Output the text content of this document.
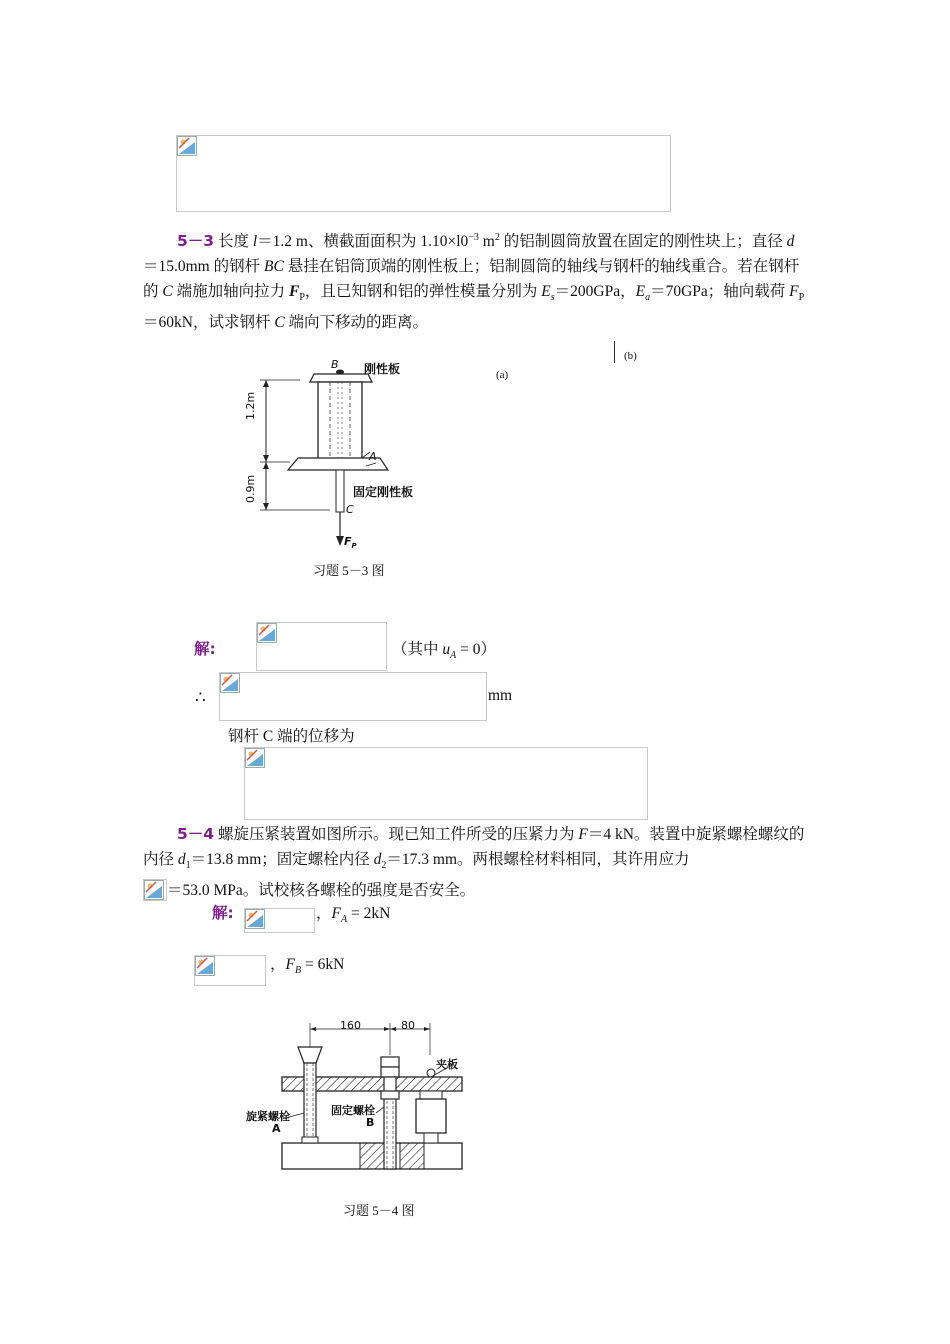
5－3 长度 l＝1.2 m、横截面面积为 $1.10\times l0^{-3}$ $m^2$ 的铝制圆筒放置在固定的刚性块上；直径 d＝15.0mm 的钢杆 BC 悬挂在铝筒顶端的刚性板上；铝制圆筒的轴线与钢杆的轴线重合。若在钢杆的 C 端施加轴向拉力 $F_P$，且已知钢和铝的弹性模量分别为 $E_s=200GPa$，$E_a=70GPa$；轴向载荷 $F_P=60kN$，试求钢杆 C 端向下移动的距离。
B 刚性板
1.2m
0.9m
A
固定刚性板
C
$F_P$
(a)
(b)
习题 5－3 图
解:	（其中 $u_A = 0$）
∴	mm
钢杆 C 端的位移为
5－4 螺旋压紧装置如图所示。现已知工件所受的压紧力为 F＝4 kN。装置中旋紧螺栓螺纹的内径 $d_1=13.8$ mm；固定螺栓内径 $d_2=17.3$ mm。两根螺栓材料相同，其许用应力

＝53.0 MPa。试校核各螺栓的强度是否安全。
解:	，$F_A = 2kN$
，$F_B = 6kN$
160	80
夹板
固定螺栓
B
旋紧螺栓
A
习题 5－4 图
